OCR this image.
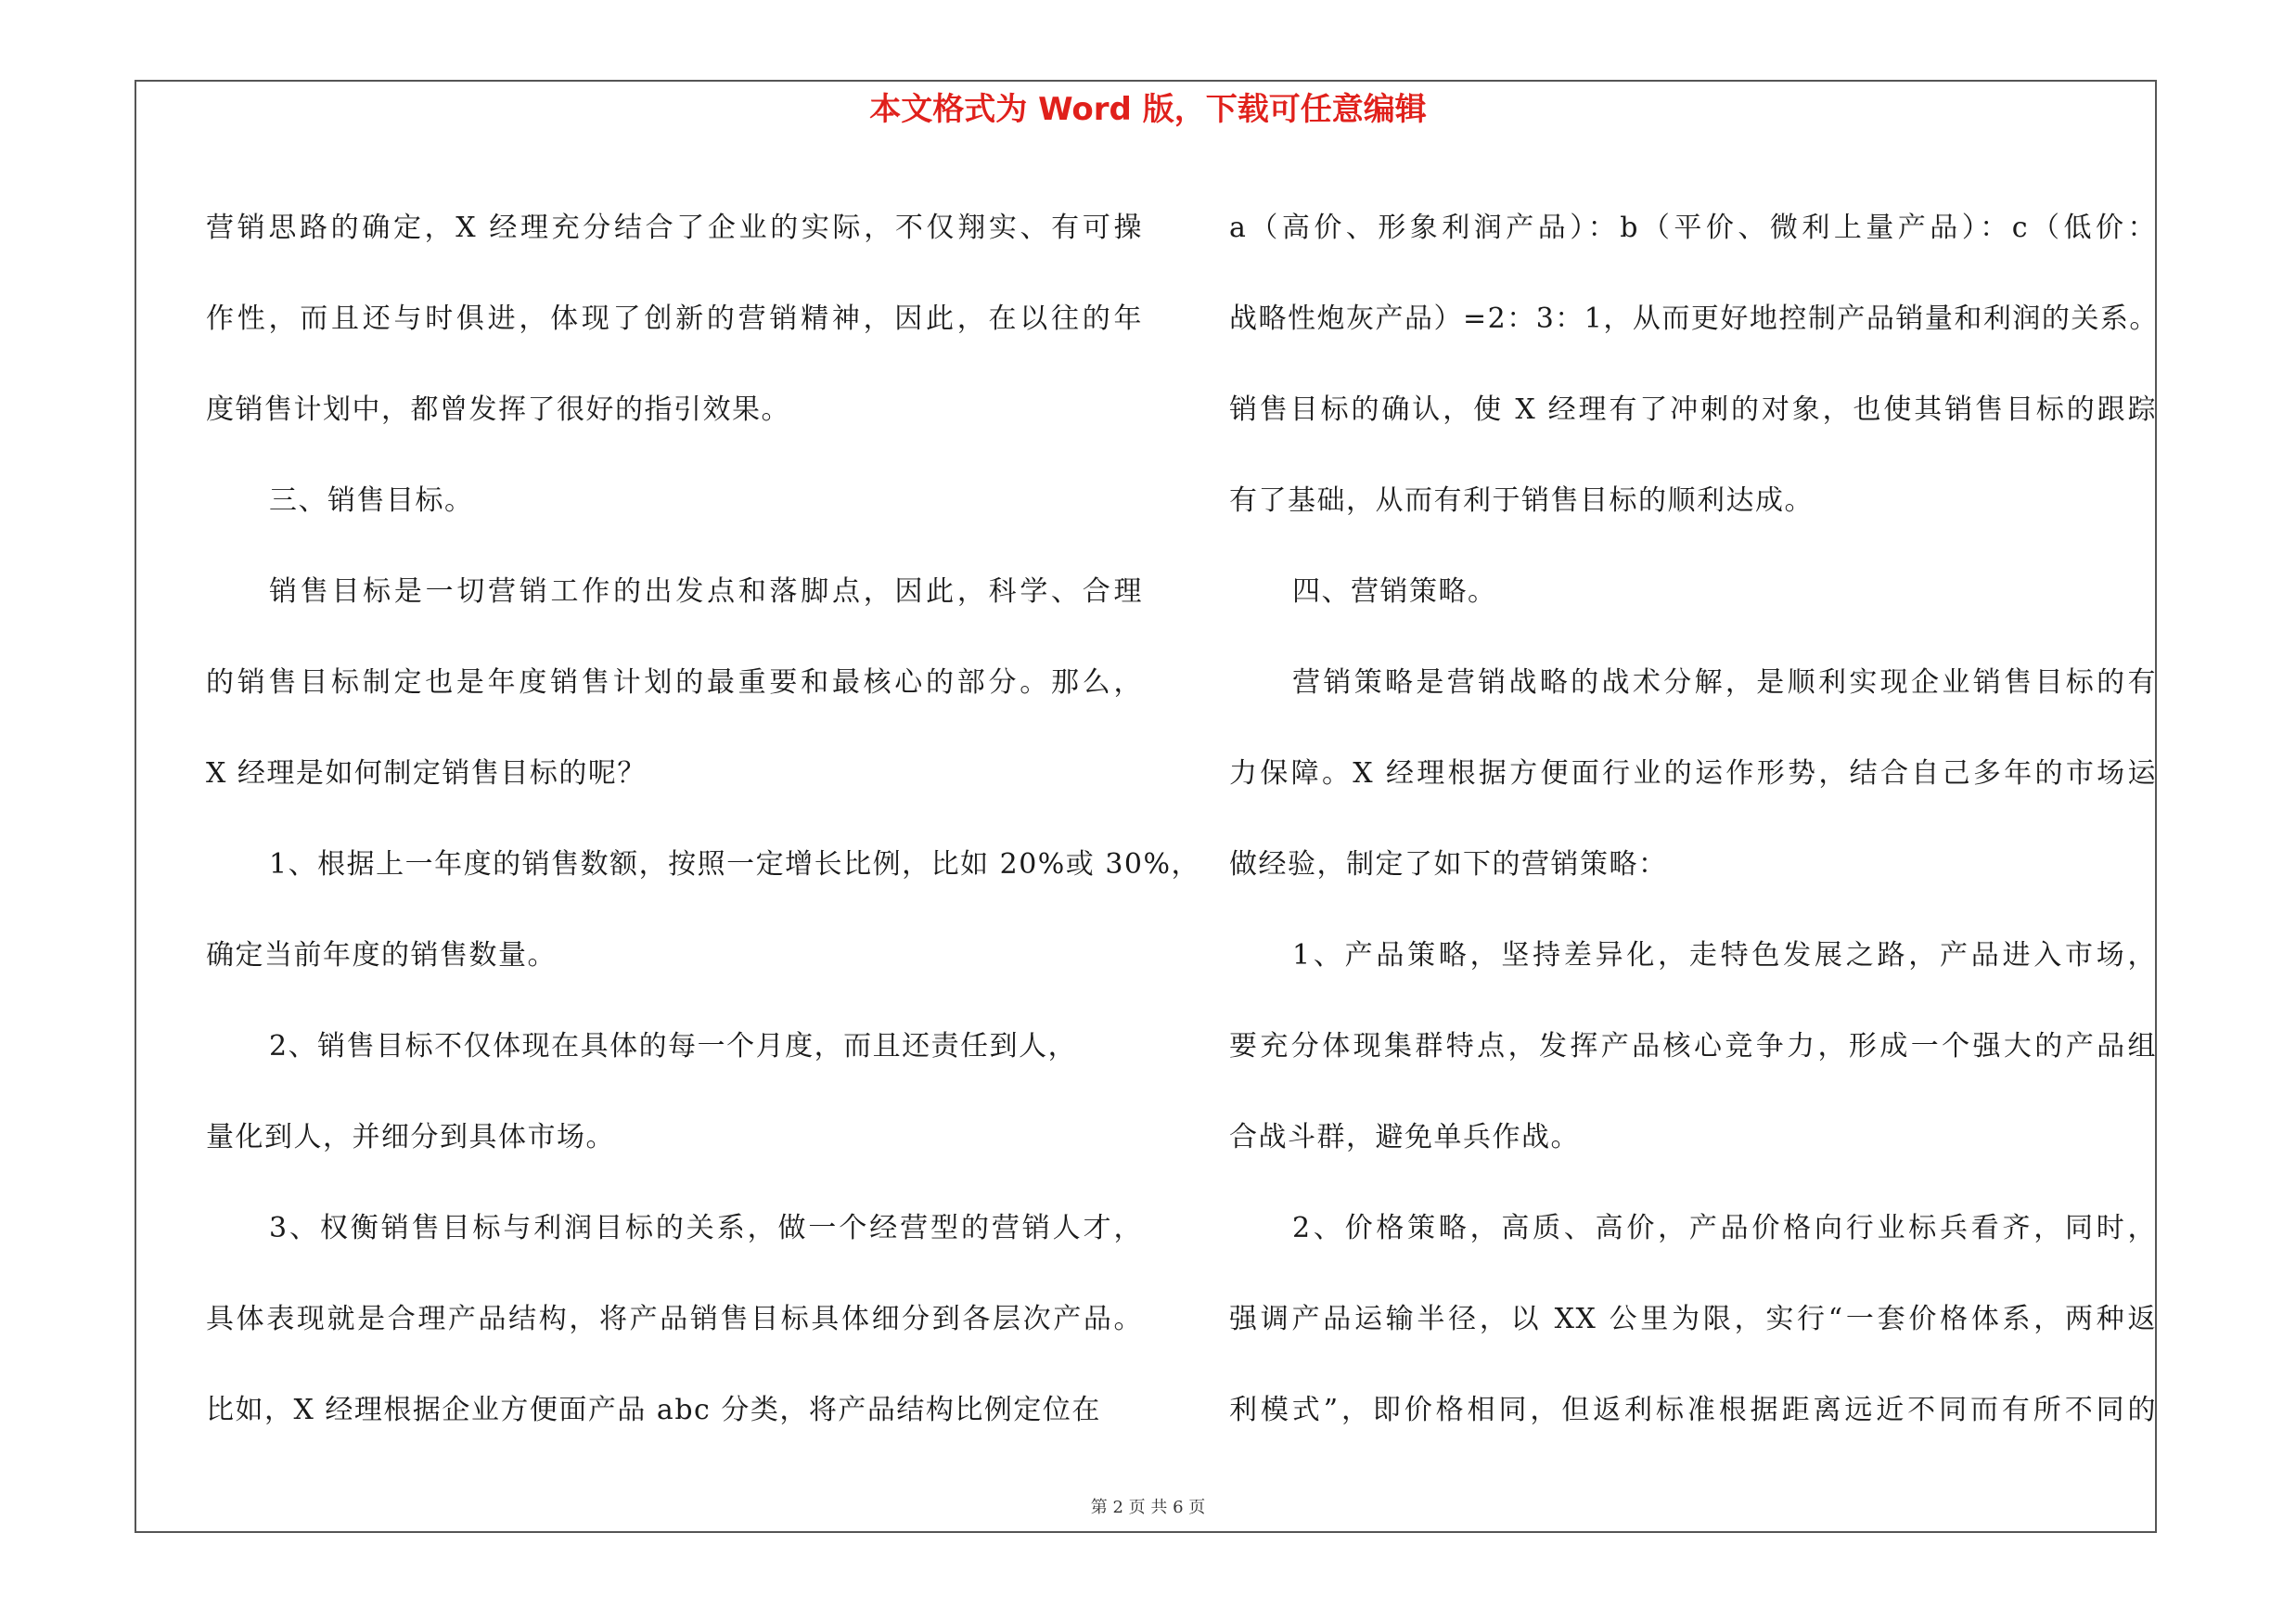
本文格式为 Word 版，下载可任意编辑
营销思路的确定，X 经理充分结合了企业的实际，不仅翔实、有可操
作性，而且还与时俱进，体现了创新的营销精神，因此，在以往的年
度销售计划中，都曾发挥了很好的指引效果。
三、销售目标。
销售目标是一切营销工作的出发点和落脚点，因此，科学、合理
的销售目标制定也是年度销售计划的最重要和最核心的部分。那么，
X 经理是如何制定销售目标的呢？
1、根据上一年度的销售数额，按照一定增长比例，比如 20%或 30%，
确定当前年度的销售数量。
2、销售目标不仅体现在具体的每一个月度，而且还责任到人，
量化到人，并细分到具体市场。
3、权衡销售目标与利润目标的关系，做一个经营型的营销人才，
具体表现就是合理产品结构，将产品销售目标具体细分到各层次产品。
比如，X 经理根据企业方便面产品 abc 分类，将产品结构比例定位在
a（高价、形象利润产品）：b（平价、微利上量产品）：c（低价：
战略性炮灰产品）=2：3：1，从而更好地控制产品销量和利润的关系。
销售目标的确认，使 X 经理有了冲刺的对象，也使其销售目标的跟踪
有了基础，从而有利于销售目标的顺利达成。
四、营销策略。
营销策略是营销战略的战术分解，是顺利实现企业销售目标的有
力保障。X 经理根据方便面行业的运作形势，结合自己多年的市场运
做经验，制定了如下的营销策略：
1、产品策略，坚持差异化，走特色发展之路，产品进入市场，
要充分体现集群特点，发挥产品核心竞争力，形成一个强大的产品组
合战斗群，避免单兵作战。
2、价格策略，高质、高价，产品价格向行业标兵看齐，同时，
强调产品运输半径，以 XX 公里为限，实行“一套价格体系，两种返
利模式”，即价格相同，但返利标准根据距离远近不同而有所不同的
第 2 页 共 6 页
